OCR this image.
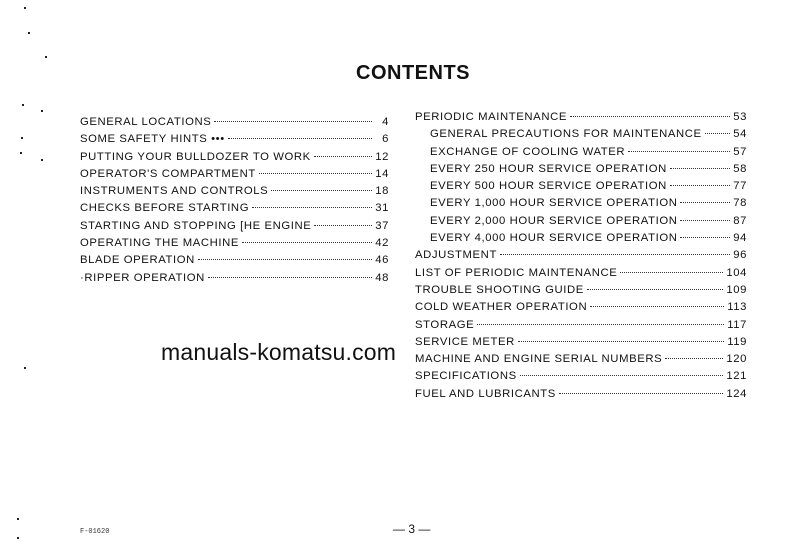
CONTENTS
GENERAL LOCATIONS	4
SOME SAFETY HINTS •••	6
PUTTING YOUR BULLDOZER TO WORK	12
OPERATOR'S COMPARTMENT	14
INSTRUMENTS AND CONTROLS	18
CHECKS BEFORE STARTING	31
STARTING AND STOPPING [HE ENGINE	37
OPERATING THE MACHINE	42
BLADE OPERATION	46
·RIPPER OPERATION	48
PERIODIC MAINTENANCE	53
GENERAL PRECAUTIONS FOR MAINTENANCE	54
EXCHANGE OF COOLING WATER	57
EVERY 250 HOUR SERVICE OPERATION	58
EVERY 500 HOUR SERVICE OPERATION	77
EVERY 1,000 HOUR SERVICE OPERATION	78
EVERY 2,000 HOUR SERVICE OPERATION	87
EVERY 4,000 HOUR SERVICE OPERATION	94
ADJUSTMENT	96
LIST OF PERIODIC MAINTENANCE	104
TROUBLE SHOOTING GUIDE	109
COLD WEATHER OPERATION	113
STORAGE	117
SERVICE METER	119
MACHINE AND ENGINE SERIAL NUMBERS	120
SPECIFICATIONS	121
FUEL AND LUBRICANTS	124
manuals-komatsu.com
F-01620	— 3 —
